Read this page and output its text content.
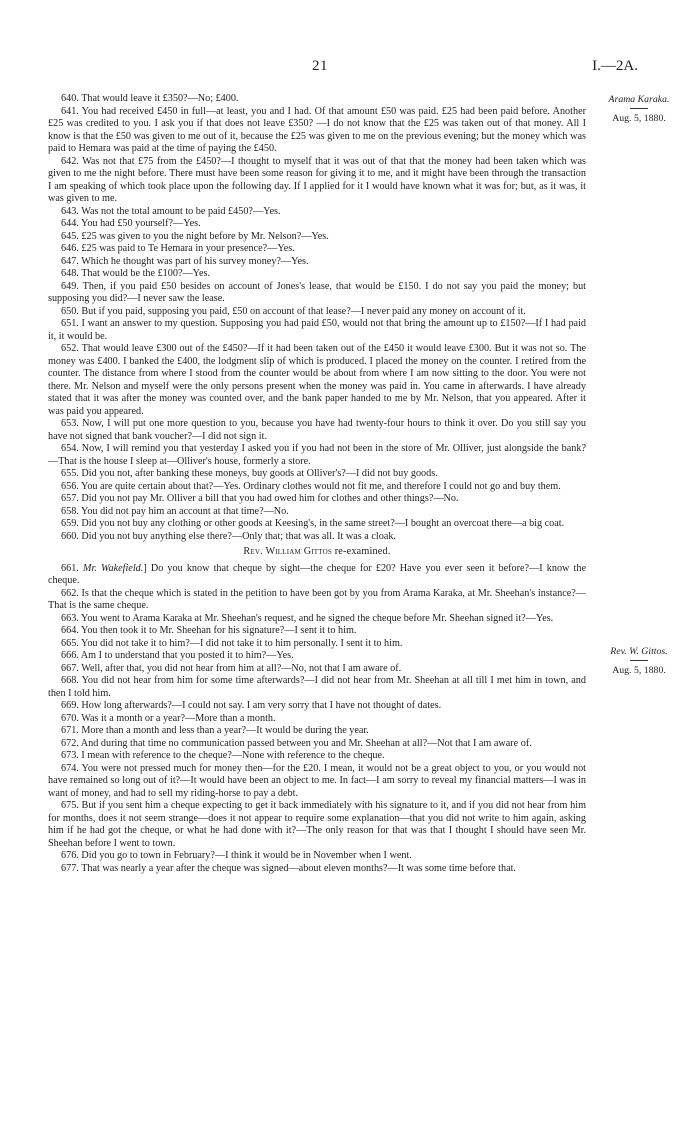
21	I.—2A.
Arama Karaka.
Aug. 5, 1880.
Rev. W. Gittos.
Aug. 5, 1880.

640. That would leave it £350?—No; £400.

641. You had received £450 in full—at least, you and I had. Of that amount £50 was paid. £25 had been paid before. Another £25 was credited to you. I ask you if that does not leave £350? —I do not know that the £25 was taken out of that money. All I know is that the £50 was given to me out of it, because the £25 was given to me on the previous evening; but the money which was paid to Hemara was paid at the time of paying the £450.

642. Was not that £75 from the £450?—I thought to myself that it was out of that that the money had been taken which was given to me the night before. There must have been some reason for giving it to me, and it might have been through the transaction I am speaking of which took place upon the following day. If I applied for it I would have known what it was for; but, as it was, it was given to me.

643. Was not the total amount to be paid £450?—Yes.

644. You had £50 yourself?—Yes.

645. £25 was given to you the night before by Mr. Nelson?—Yes.

646. £25 was paid to Te Hemara in your presence?—Yes.

647. Which he thought was part of his survey money?—Yes.

648. That would be the £100?—Yes.

649. Then, if you paid £50 besides on account of Jones's lease, that would be £150. I do not say you paid the money; but supposing you did?—I never saw the lease.

650. But if you paid, supposing you paid, £50 on account of that lease?—I never paid any money on account of it.

651. I want an answer to my question. Supposing you had paid £50, would not that bring the amount up to £150?—If I had paid it, it would be.

652. That would leave £300 out of the £450?—If it had been taken out of the £450 it would leave £300. But it was not so. The money was £400. I banked the £400, the lodgment slip of which is produced. I placed the money on the counter. I retired from the counter. The distance from where I stood from the counter would be about from where I am now sitting to the door. You were not there. Mr. Nelson and myself were the only persons present when the money was paid in. You came in afterwards. I have already stated that it was after the money was counted over, and the bank paper handed to me by Mr. Nelson, that you appeared. After it was paid you appeared.

653. Now, I will put one more question to you, because you have had twenty-four hours to think it over. Do you still say you have not signed that bank voucher?—I did not sign it.

654. Now, I will remind you that yesterday I asked you if you had not been in the store of Mr. Olliver, just alongside the bank?—That is the house I sleep at—Olliver's house, formerly a store.

655. Did you not, after banking these moneys, buy goods at Olliver's?—I did not buy goods.

656. You are quite certain about that?—Yes. Ordinary clothes would not fit me, and therefore I could not go and buy them.

657. Did you not pay Mr. Olliver a bill that you had owed him for clothes and other things?—No.

658. You did not pay him an account at that time?—No.

659. Did you not buy any clothing or other goods at Keesing's, in the same street?—I bought an overcoat there—a big coat.

660. Did you not buy anything else there?—Only that; that was all. It was a cloak.

Rev. William Gittos re-examined.

661. Mr. Wakefield.] Do you know that cheque by sight—the cheque for £20? Have you ever seen it before?—I know the cheque.

662. Is that the cheque which is stated in the petition to have been got by you from Arama Karaka, at Mr. Sheehan's instance?—That is the same cheque.

663. You went to Arama Karaka at Mr. Sheehan's request, and he signed the cheque before Mr. Sheehan signed it?—Yes.

664. You then took it to Mr. Sheehan for his signature?—I sent it to him.

665. You did not take it to him?—I did not take it to him personally. I sent it to him.

666. Am I to understand that you posted it to him?—Yes.

667. Well, after that, you did not hear from him at all?—No, not that I am aware of.

668. You did not hear from him for some time afterwards?—I did not hear from Mr. Sheehan at all till I met him in town, and then I told him.

669. How long afterwards?—I could not say. I am very sorry that I have not thought of dates.

670. Was it a month or a year?—More than a month.

671. More than a month and less than a year?—It would be during the year.

672. And during that time no communication passed between you and Mr. Sheehan at all?—Not that I am aware of.

673. I mean with reference to the cheque?—None with reference to the cheque.

674. You were not pressed much for money then—for the £20. I mean, it would not be a great object to you, or you would not have remained so long out of it?—It would have been an object to me. In fact—I am sorry to reveal my financial matters—I was in want of money, and had to sell my riding-horse to pay a debt.

675. But if you sent him a cheque expecting to get it back immediately with his signature to it, and if you did not hear from him for months, does it not seem strange—does it not appear to require some explanation—that you did not write to him again, asking him if he had got the cheque, or what he had done with it?—The only reason for that was that I thought I should have seen Mr. Sheehan before I went to town.

676. Did you go to town in February?—I think it would be in November when I went.

677. That was nearly a year after the cheque was signed—about eleven months?—It was some time before that.
